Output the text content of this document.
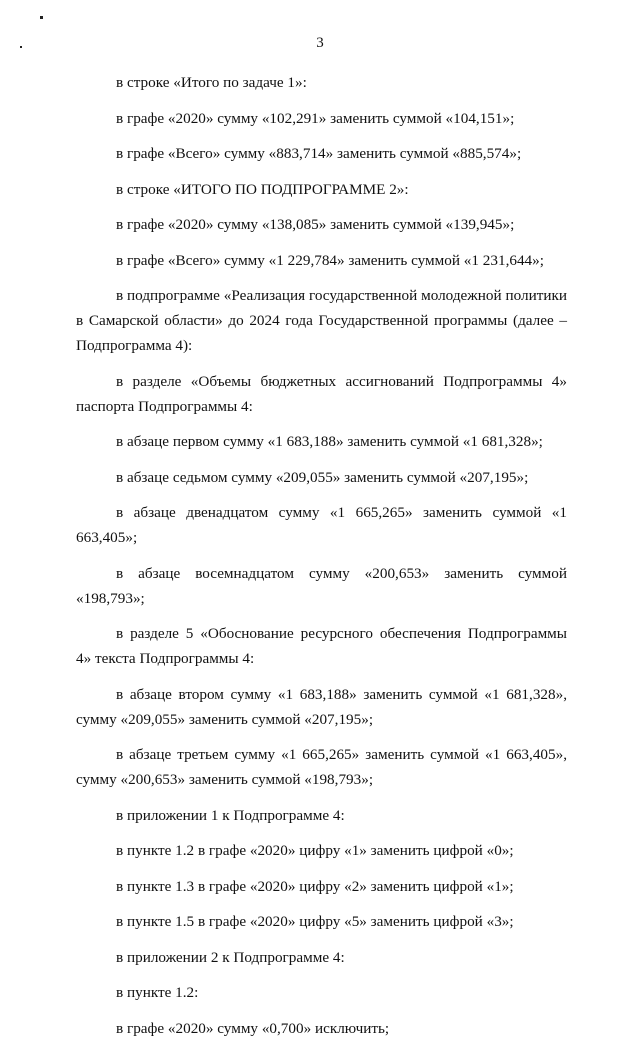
3

в строке «Итого по задаче 1»:

в графе «2020» сумму «102,291» заменить суммой «104,151»;

в графе «Всего» сумму «883,714» заменить суммой «885,574»;

в строке «ИТОГО ПО ПОДПРОГРАММЕ 2»:

в графе «2020» сумму «138,085» заменить суммой «139,945»;

в графе «Всего» сумму «1 229,784» заменить суммой «1 231,644»;

в подпрограмме «Реализация государственной молодежной политики в Самарской области» до 2024 года Государственной программы (далее – Подпрограмма 4):

в разделе «Объемы бюджетных ассигнований Подпрограммы 4» паспорта Подпрограммы 4:

в абзаце первом сумму «1 683,188» заменить суммой «1 681,328»;

в абзаце седьмом сумму «209,055» заменить суммой «207,195»;

в абзаце двенадцатом сумму «1 665,265» заменить суммой «1 663,405»;

в абзаце восемнадцатом сумму «200,653» заменить суммой «198,793»;

в разделе 5 «Обоснование ресурсного обеспечения Подпрограммы 4» текста Подпрограммы 4:

в абзаце втором сумму «1 683,188» заменить суммой «1 681,328», сумму «209,055» заменить суммой «207,195»;

в абзаце третьем сумму «1 665,265» заменить суммой «1 663,405», сумму «200,653» заменить суммой «198,793»;

в приложении 1 к Подпрограмме 4:

в пункте 1.2 в графе «2020» цифру «1» заменить цифрой «0»;

в пункте 1.3 в графе «2020» цифру «2» заменить цифрой «1»;

в пункте 1.5 в графе «2020» цифру «5» заменить цифрой «3»;

в приложении 2 к Подпрограмме 4:

в пункте 1.2:

в графе «2020» сумму «0,700» исключить;
